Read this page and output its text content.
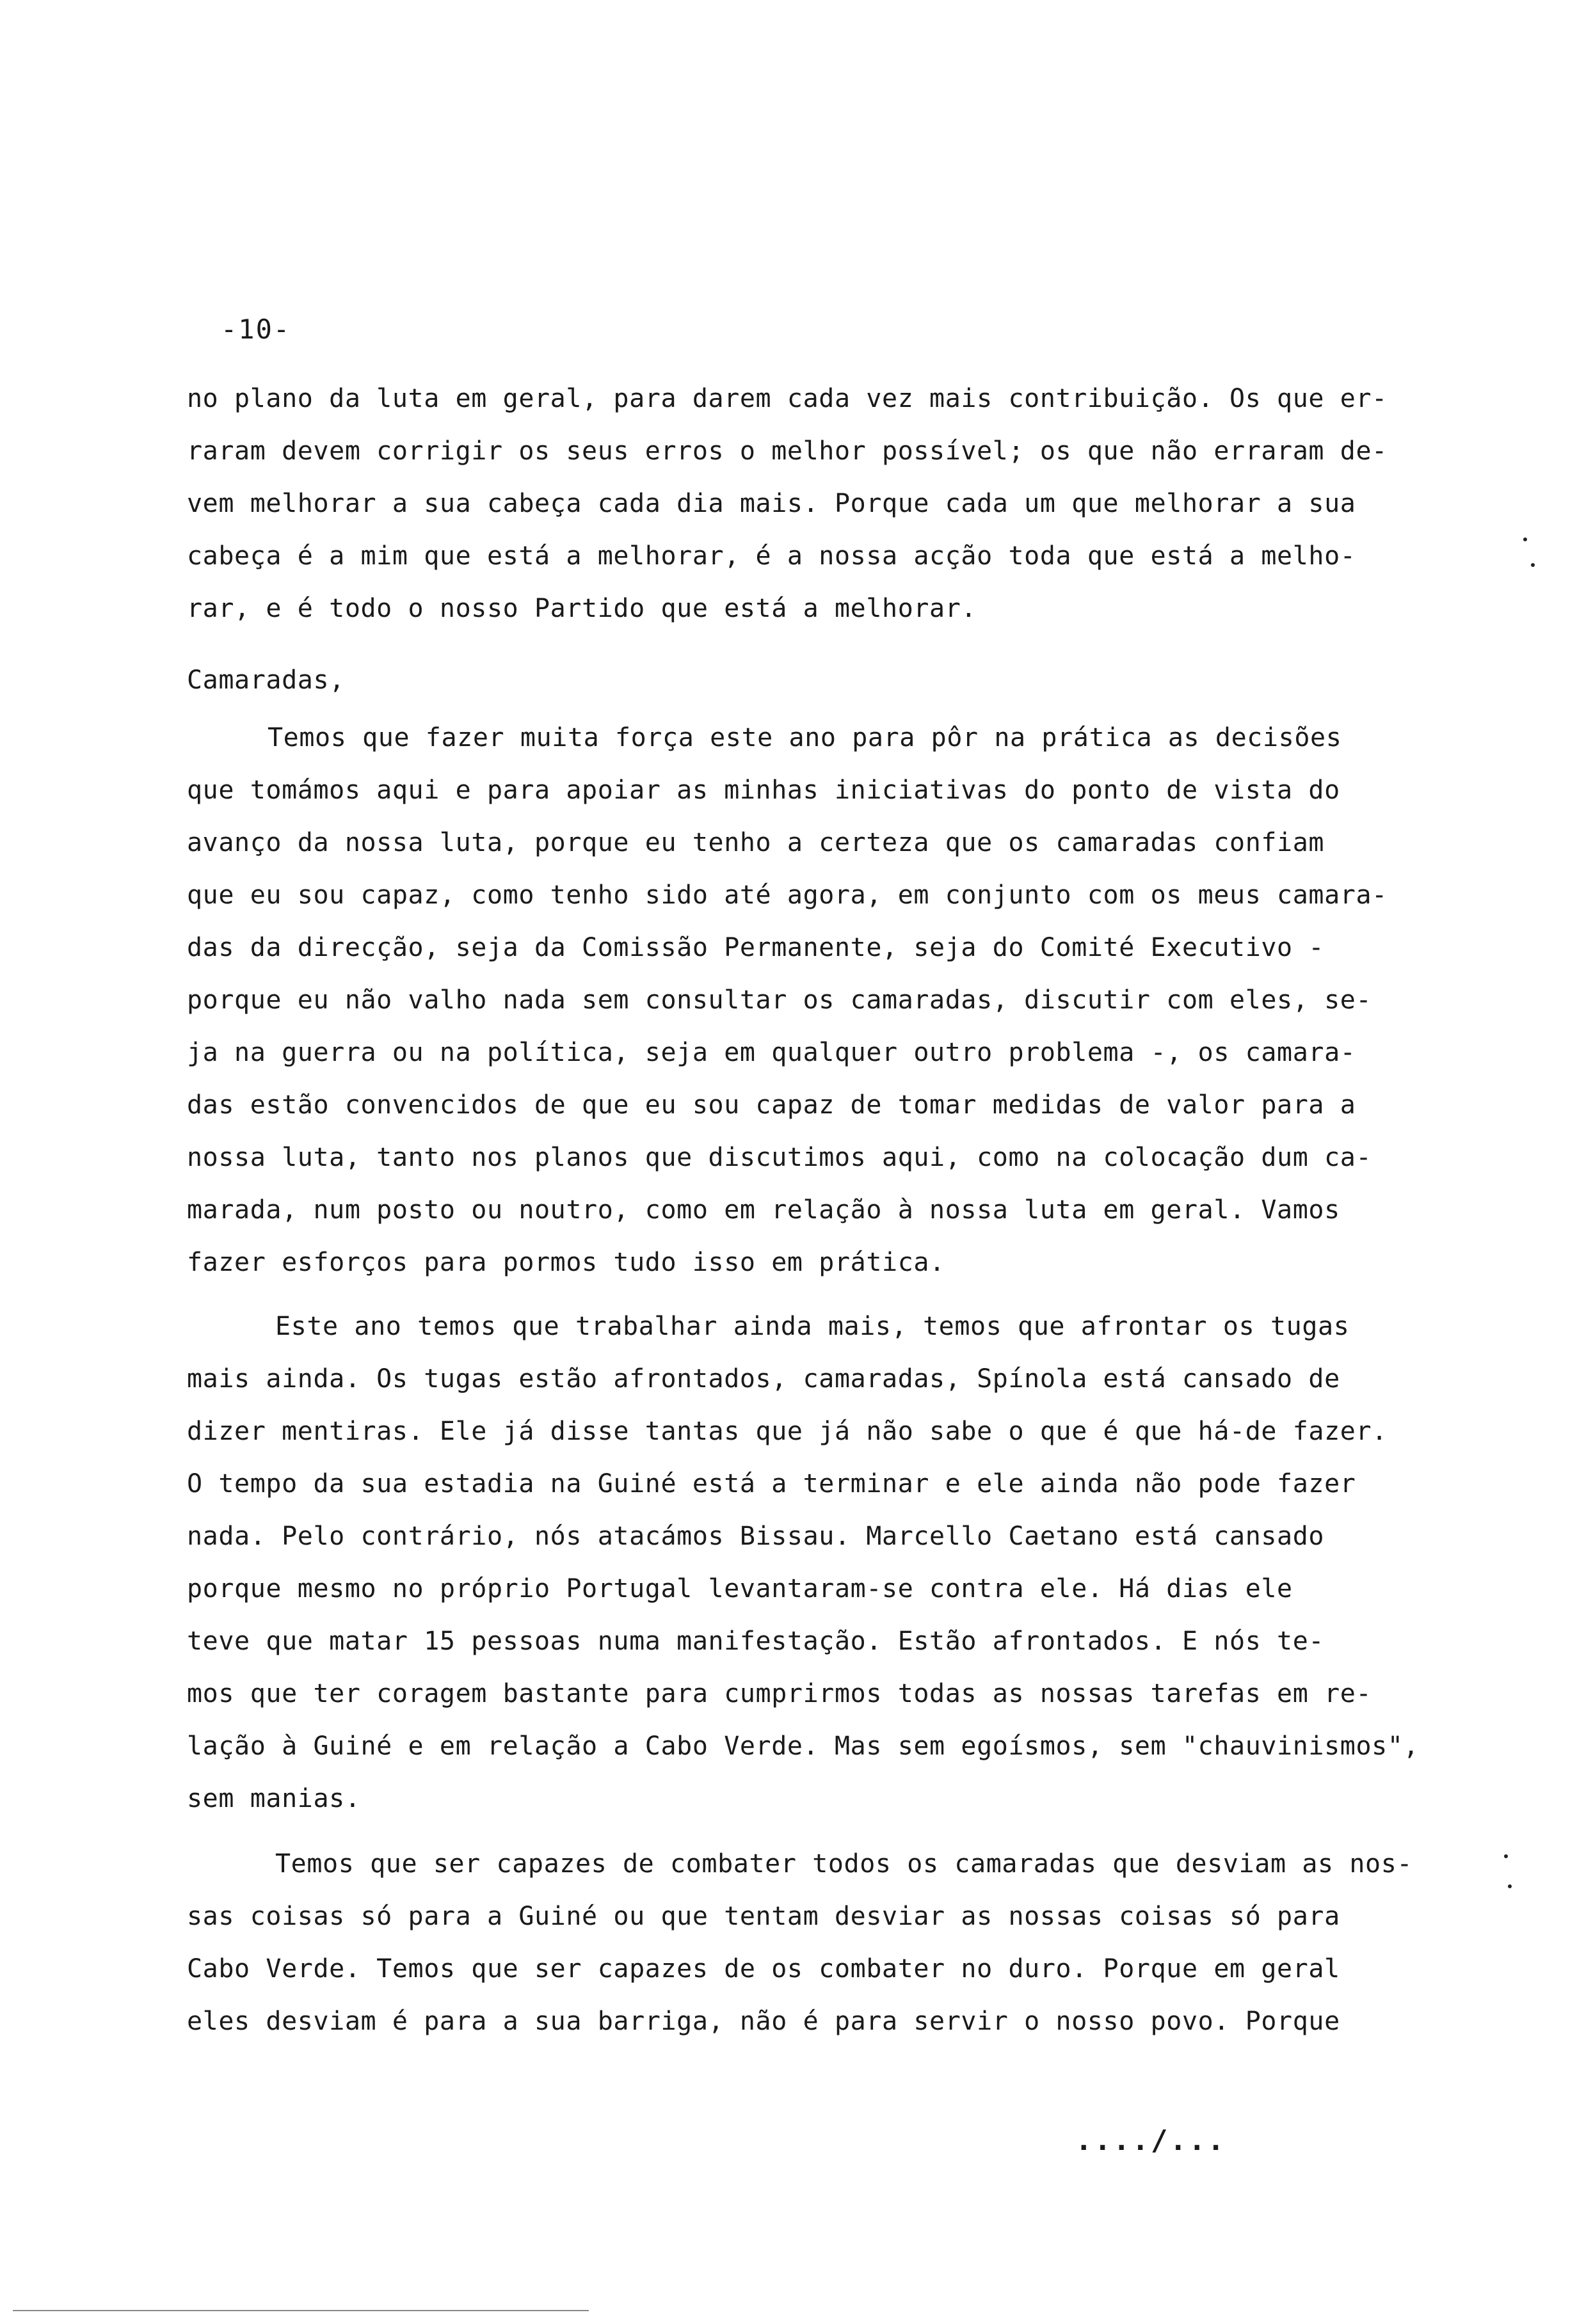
-10-
no plano da luta em geral, para darem cada vez mais contribuição. Os que er-
raram devem corrigir os seus erros o melhor possível; os que não erraram de-
vem melhorar a sua cabeça cada dia mais. Porque cada um que melhorar a sua
cabeça é a mim que está a melhorar, é a nossa acção toda que está a melho-
rar, e é todo o nosso Partido que está a melhorar.
Camaradas,
Temos que fazer muita força este ano para pôr na prática as decisões
que tomámos aqui e para apoiar as minhas iniciativas do ponto de vista do
avanço da nossa luta, porque eu tenho a certeza que os camaradas confiam
que eu sou capaz, como tenho sido até agora, em conjunto com os meus camara-
das da direcção, seja da Comissão Permanente, seja do Comité Executivo -
porque eu não valho nada sem consultar os camaradas, discutir com eles, se-
ja na guerra ou na política, seja em qualquer outro problema -, os camara-
das estão convencidos de que eu sou capaz de tomar medidas de valor para a
nossa luta, tanto nos planos que discutimos aqui, como na colocação dum ca-
marada, num posto ou noutro, como em relação à nossa luta em geral. Vamos
fazer esforços para pormos tudo isso em prática.
Este ano temos que trabalhar ainda mais, temos que afrontar os tugas
mais ainda. Os tugas estão afrontados, camaradas, Spínola está cansado de
dizer mentiras. Ele já disse tantas que já não sabe o que é que há-de fazer.
O tempo da sua estadia na Guiné está a terminar e ele ainda não pode fazer
nada. Pelo contrário, nós atacámos Bissau. Marcello Caetano está cansado
porque mesmo no próprio Portugal levantaram-se contra ele. Há dias ele
teve que matar 15 pessoas numa manifestação. Estão afrontados. E nós te-
mos que ter coragem bastante para cumprirmos todas as nossas tarefas em re-
lação à Guiné e em relação a Cabo Verde. Mas sem egoísmos, sem "chauvinismos",
sem manias.
Temos que ser capazes de combater todos os camaradas que desviam as nos-
sas coisas só para a Guiné ou que tentam desviar as nossas coisas só para
Cabo Verde. Temos que ser capazes de os combater no duro. Porque em geral
eles desviam é para a sua barriga, não é para servir o nosso povo. Porque
..../...
